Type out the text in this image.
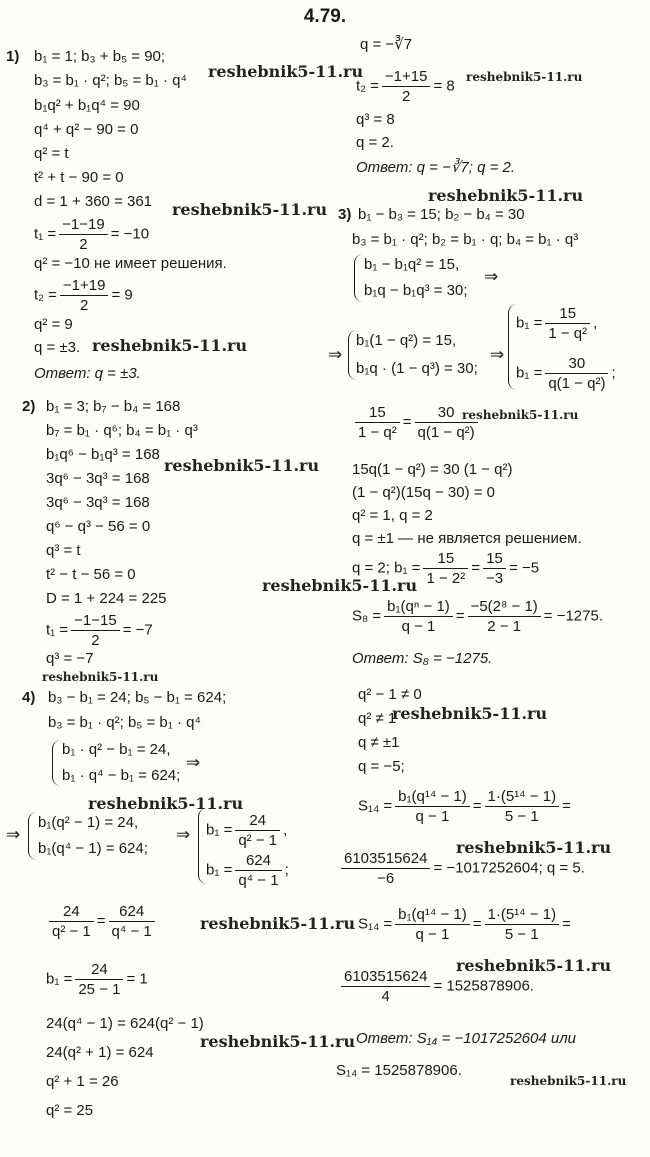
4.79.
1) b₁ = 1; b₃ + b₅ = 90;
b₃ = b₁ · q²; b₅ = b₁ · q⁴
b₁q² + b₁q⁴ = 90
q⁴ + q² − 90 = 0
q² = t
t² + t − 90 = 0
d = 1 + 360 = 361
$t_1 = \frac{-1-19}{2} = -10$
q² = −10 не имеет решения.
$t_2 = \frac{-1+19}{2} = 9$
q² = 9
q = ±3.
Ответ: q = ±3.
2) b₁ = 3; b₇ − b₄ = 168
b₇ = b₁ · q⁶; b₄ = b₁ · q³
b₁q⁶ − b₁q³ = 168
3q⁶ − 3q³ = 168
3q⁶ − 3q³ = 168
q⁶ − q³ − 56 = 0
q³ = t
t² − t − 56 = 0
D = 1 + 224 = 225
$t_1 = \frac{-1-15}{2} = -7$
q³ = −7
4) b₃ − b₁ = 24; b₅ − b₁ = 624;
b₃ = b₁ · q²; b₅ = b₁ · q⁴
b₁ · q² − b₁ = 24,
b₁ · q⁴ − b₁ = 624;
⇒
⇒
b₁(q² − 1) = 24,
b₁(q⁴ − 1) = 624;
⇒ $b_1 = \frac{24}{\text{q² − 1}}$ ,
$b_1 = \frac{624}{\text{q⁴ − 1}}$ ;
$\frac{24}{\text{q² − 1}} = \frac{624}{\text{q⁴ − 1}}$
$b_1 = \frac{24}{25 - 1} = 1$
24(q⁴ − 1) = 624(q² − 1)
24(q² + 1) = 624
q² + 1 = 26
q² = 25
q = −∛7
$t_2 = \frac{-1+15}{2} = 8$
q³ = 8
q = 2.
Ответ: q = −∛7; q = 2.
3) b₁ − b₃ = 15; b₂ − b₄ = 30
b₃ = b₁ · q²; b₂ = b₁ · q; b₄ = b₁ · q³
b₁ − b₁q² = 15,
b₁q − b₁q³ = 30;
⇒
⇒
b₁(1 − q²) = 15,
b₁q · (1 − q³) = 30;
⇒
$b_1 = \frac{15}{\text{1 − q²}}$ ,
$b_1 = \frac{30}{\text{q(1 − q²)}}$ ;
$\frac{15}{\text{1 − q²}} = \frac{30}{\text{q(1 − q²)}}$
15q(1 − q²) = 30 (1 − q²)
(1 − q²)(15q − 30) = 0
q² = 1, q = 2
q = ±1 — не является решением.
q = 2; $b_1 = \frac{15}{\text{1 − 2²}} = \frac{15}{-3} = -5$
$S_8 = \frac{\text{b₁(qⁿ − 1)}}{q - 1} = \frac{\text{−5(2⁸ − 1)}}{2 - 1} = -1275$.
Ответ: S₈ = −1275.
q² − 1 ≠ 0
q² ≠ 1
q ≠ ±1
q = −5;
$S_{14} = \frac{\text{b₁(q¹⁴ − 1)}}{q - 1} = \frac{\text{1·(5¹⁴ − 1)}}{5 - 1}$ =
$\frac{6103515624}{-6} = -1017252604$; q = 5.
$S_{14} = \frac{\text{b₁(q¹⁴ − 1)}}{q - 1} = \frac{\text{1·(5¹⁴ − 1)}}{5 - 1}$ =
$\frac{6103515624}{4} = 1525878906$.
Ответ: S₁₄ = −1017252604 или
S₁₄ = 1525878906.
reshebnik5-11.ru	reshebnik5-11.ru
reshebnik5-11.ru
reshebnik5-11.ru
reshebnik5-11.ru
reshebnik5-11.ru
reshebnik5-11.ru
reshebnik5-11.ru
reshebnik5-11.ru
reshebnik5-11.ru
reshebnik5-11.ru
reshebnik5-11.ru
reshebnik5-11.ru
reshebnik5-11.ru
reshebnik5-11.ru
reshebnik5-11.ru
